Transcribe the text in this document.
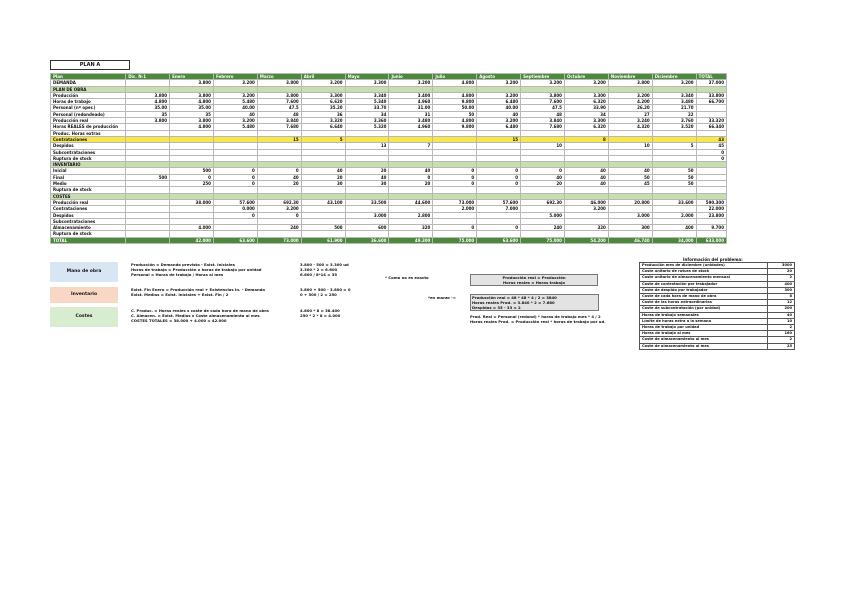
PLAN A
Plan	Dic. N-1	Enero	Febrero	Marzo	Abril	Mayo	Junio	Julio	Agosto	Septiembre	Octubre	Noviembre	Diciembre	TOTAL
DEMANDA		3.800	3.200	3.800	3.200	3.300	3.200	4.800	3.200	3.200	3.200	3.800	3.200	37.000
PLAN DE OBRA														
Producción	3.800	3.800	3.200	3.800	3.300	3.340	3.400	4.800	3.200	3.800	3.300	3.200	3.340	33.800
Horas de trabajo	4.800	4.800	5.480	7.600	6.620	5.340	4.960	9.800	6.480	7.600	6.320	4.200	3.480	66.700
Personal (nº oper.)	35.00	35.00	40.00	47.5	35.20	33.70	31.00	50.00	40.00	47.5	33.90	26.20	21.70	
Personal (redondeado)	35	35	40	48	36	34	31	50	40	48	34	27	22	
Producción real	3.800	3.800	3.200	3.840	3.320	3.360	3.480	4.800	3.200	3.840	3.300	3.240	3.760	33.320
Horas REALES de producción		4.800	5.480	7.680	6.640	5.320	4.960	9.800	6.480	7.680	6.320	4.320	3.520	66.340
Produc. Horas extras														
Contrataciones				15	5				15		8			43
Despidos						13	7			10		10	5	45
Subcontrataciones														0
Ruptura de stock														0
INVENTARIO														
Inicial		500	0	0	40	20	40	0	0	0	40	40	50	
Final	500	0	0	40	20	40	0	0	0	40	40	50	50	
Medio		250	0	20	30	30	20	0	0	20	40	45	50	
Ruptura de stock														
COSTES														
Producción real		38.000	57.600	692.30	43.100	33.500	44.600	73.000	57.600	692.30	46.000	20.800	33.600	590.300
Contrataciones			0.000	3.200				2.000	7.000		3.200			22.000
Despidos			0	0		3.000	2.800			5.000		3.000	2.000	23.800
Subcontrataciones														
Almacenamiento		4.000		240	500	600	320	0	0	240	320	300	400	9.700
Ruptura de stock														
TOTAL		42.000	63.600	73.000	61.900	36.600	49.300	75.000	63.600	75.000	54.200	46.740	34,000	633.000
Mano de obra
Producción = Demanda prevista - Exist. Iniciales
Horas de trabajo = Producción x horas de trabajo por unidad
Personal = Horas de trabajo / Horas al mes
3.800 - 500 = 3.300 ud
3.300 * 2 = 6.600
6.600 / 8*14 = 35
Inventario
Exist. Fin Enero = Producción real + Existencias In. - Demanda
Exist. Medias = Exist. Iniciales + Exist. Fin / 2
3.800 + 500 - 3.800 = 0
0 + 500 / 2 = 250
Costes
C. Produc. = Horas reales x coste de cada hora de mano de obra
C. Almacen. = Exist. Medias x Coste almacenamiento al mes
COSTES TOTALES = 38.000 + 4.000 = 42.000
4.800 * 8 = 38.400
250 * 2 * 8 = 4.000
* Como no es exacto	Producción real = Producción
Horas reales = Horas trabajo
*en marzo ->	Producción real = 48 * 48 * 4 / 2 = 3840
Horas reales Prod. = 3.840 * 2 = 7.680
Despidos = 35 - 33 = 2
Prod. Real = Personal (redond) * horas de trabajo mes * 4 / 2
Horas reales Prod. = Producción real * horas de trabajo por ud.
Información del problema:
Producción mes de diciembre (unidades)	3000
Coste unitario de rotura de stock	20
Coste unitario de almacenamiento mensual	2
Coste de contratación por trabajador	400
Coste de despido por trabajador	300
Coste de cada hora de mano de obra	8
Coste de las horas extraordinarias	12
Coste de subcontratación (por unidad)	200
Horas de trabajo semanales	40
Límite de horas extra a la semana	10
Horas de trabajo por unidad	2
Horas de trabajo al mes	160
Coste de almacenamiento al mes	2
Coste de almacenamiento al mes	25
